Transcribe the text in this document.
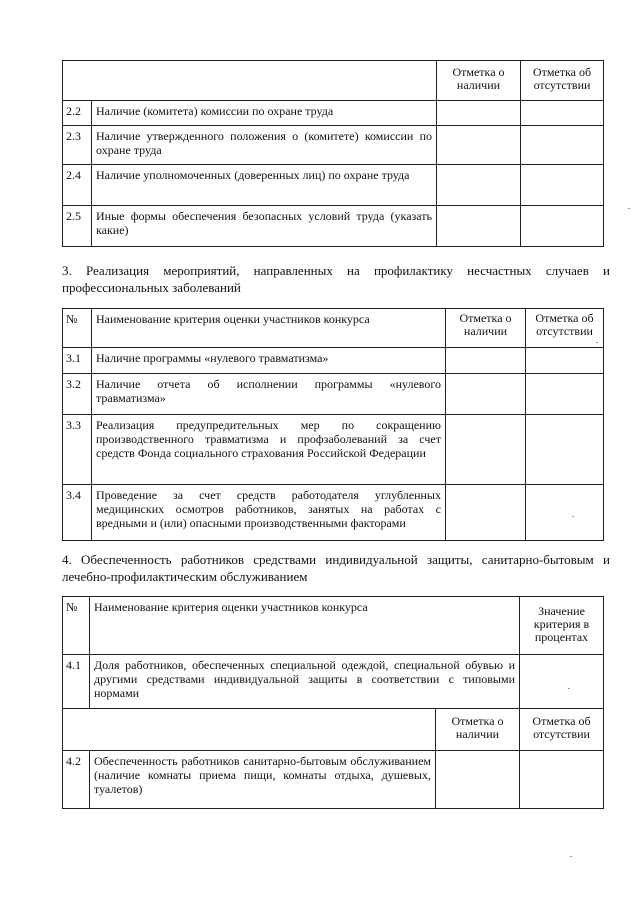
		Отметка о наличии	Отметка об отсутствии
2.2	Наличие (комитета) комиссии по охране труда		
2.3	Наличие утвержденного положения о (комитете) комиссии по охране труда		
2.4	Наличие уполномоченных (доверенных лиц) по охране труда		
2.5	Иные формы обеспечения безопасных условий труда (указать какие)		
3. Реализация мероприятий, направленных на профилактику несчастных случаев и профессиональных заболеваний
№	Наименование критерия оценки участников конкурса	Отметка о наличии	Отметка об отсутствии
3.1	Наличие программы «нулевого травматизма»		
3.2	Наличие отчета об исполнении программы «нулевого травматизма»		
3.3	Реализация предупредительных мер по сокращению производственного травматизма и профзаболеваний за счет средств Фонда социального страхования Российской Федерации		
3.4	Проведение за счет средств работодателя углубленных медицинских осмотров работников, занятых на работах с вредными и (или) опасными производственными факторами		
4. Обеспеченность работников средствами индивидуальной защиты, санитарно-бытовым и лечебно-профилактическим обслуживанием
№	Наименование критерия оценки участников конкурса		Значение критерия в процентах
4.1	Доля работников, обеспеченных специальной одеждой, специальной обувью и другими средствами индивидуальной защиты в соответствии с типовыми нормами		
		Отметка о наличии	Отметка об отсутствии
4.2	Обеспеченность работников санитарно-бытовым обслуживанием (наличие комнаты приема пищи, комнаты отдыха, душевых, туалетов)		
